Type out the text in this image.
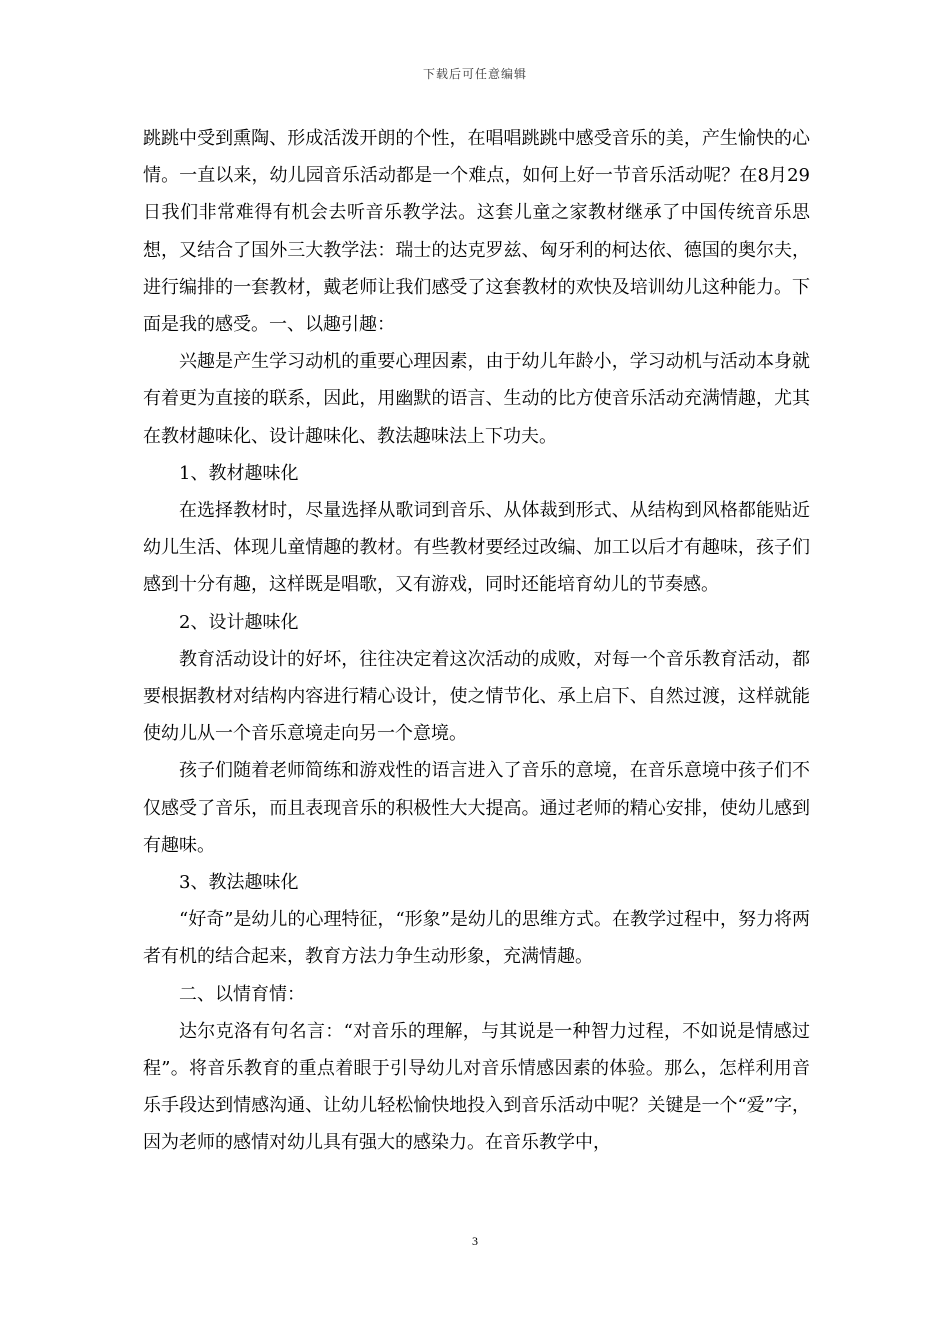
下载后可任意编辑

跳跳中受到熏陶、形成活泼开朗的个性，在唱唱跳跳中感受音乐的美，产生愉快的心情。一直以来，幼儿园音乐活动都是一个难点，如何上好一节音乐活动呢？在8月29日我们非常难得有机会去听音乐教学法。这套儿童之家教材继承了中国传统音乐思想，又结合了国外三大教学法：瑞士的达克罗兹、匈牙利的柯达依、德国的奥尔夫，进行编排的一套教材，戴老师让我们感受了这套教材的欢快及培训幼儿这种能力。下面是我的感受。一、以趣引趣：

兴趣是产生学习动机的重要心理因素，由于幼儿年龄小，学习动机与活动本身就有着更为直接的联系，因此，用幽默的语言、生动的比方使音乐活动充满情趣，尤其在教材趣味化、设计趣味化、教法趣味法上下功夫。

1、教材趣味化

在选择教材时，尽量选择从歌词到音乐、从体裁到形式、从结构到风格都能贴近幼儿生活、体现儿童情趣的教材。有些教材要经过改编、加工以后才有趣味，孩子们感到十分有趣，这样既是唱歌，又有游戏，同时还能培育幼儿的节奏感。

2、设计趣味化

教育活动设计的好坏，往往决定着这次活动的成败，对每一个音乐教育活动，都要根据教材对结构内容进行精心设计，使之情节化、承上启下、自然过渡，这样就能使幼儿从一个音乐意境走向另一个意境。

孩子们随着老师简练和游戏性的语言进入了音乐的意境，在音乐意境中孩子们不仅感受了音乐，而且表现音乐的积极性大大提高。通过老师的精心安排，使幼儿感到有趣味。

3、教法趣味化

“好奇”是幼儿的心理特征，“形象”是幼儿的思维方式。在教学过程中，努力将两者有机的结合起来，教育方法力争生动形象，充满情趣。

二、以情育情：

达尔克洛有句名言：“对音乐的理解，与其说是一种智力过程，不如说是情感过程”。将音乐教育的重点着眼于引导幼儿对音乐情感因素的体验。那么，怎样利用音乐手段达到情感沟通、让幼儿轻松愉快地投入到音乐活动中呢？关键是一个“爱”字，因为老师的感情对幼儿具有强大的感染力。在音乐教学中，

3
